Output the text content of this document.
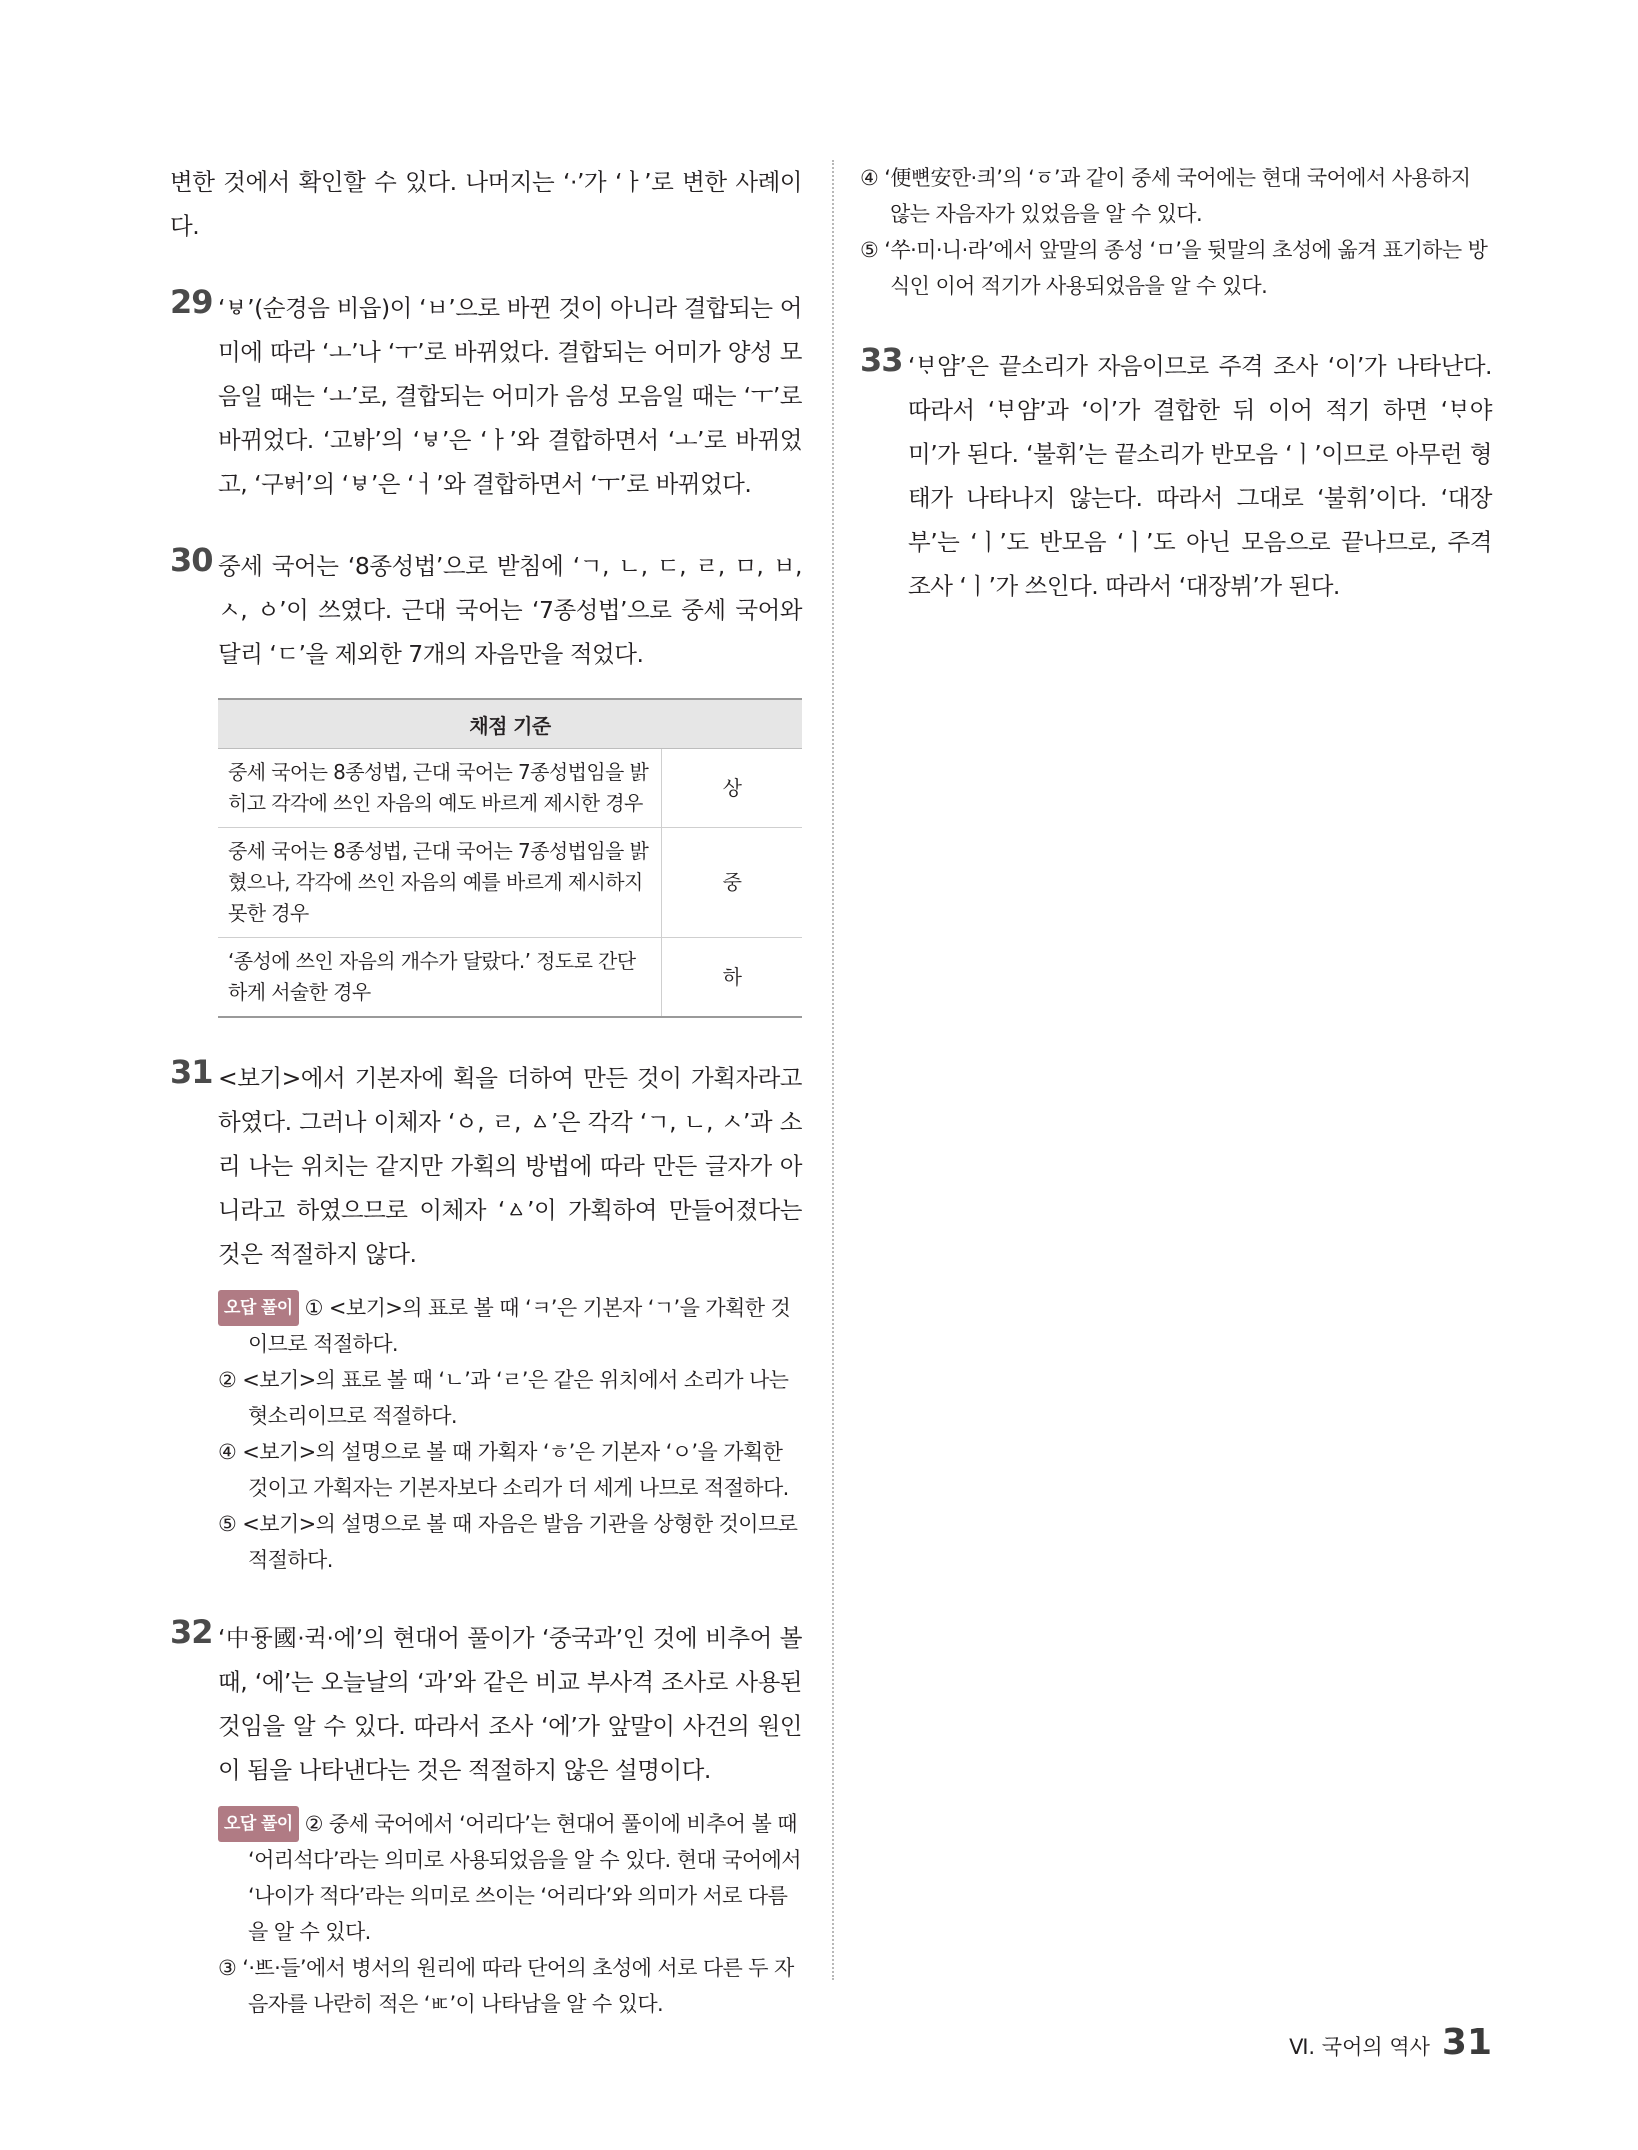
변한 것에서 확인할 수 있다. 나머지는 ‘·’가 ‘ㅏ’로 변한 사례이다.

29 ‘ㅸ’(순경음 비읍)이 ‘ㅂ’으로 바뀐 것이 아니라 결합되는 어미에 따라 ‘ㅗ’나 ‘ㅜ’로 바뀌었다. 결합되는 어미가 양성 모음일 때는 ‘ㅗ’로, 결합되는 어미가 음성 모음일 때는 ‘ㅜ’로 바뀌었다. ‘고ᄫᅡ’의 ‘ㅸ’은 ‘ㅏ’와 결합하면서 ‘ㅗ’로 바뀌었고, ‘구ᄫᅥ’의 ‘ㅸ’은 ‘ㅓ’와 결합하면서 ‘ㅜ’로 바뀌었다.

30 중세 국어는 ‘8종성법’으로 받침에 ‘ㄱ, ㄴ, ㄷ, ㄹ, ㅁ, ㅂ, ㅅ, ㆁ’이 쓰였다. 근대 국어는 ‘7종성법’으로 중세 국어와 달리 ‘ㄷ’을 제외한 7개의 자음만을 적었다.

채점 기준	
중세 국어는 8종성법, 근대 국어는 7종성법임을 밝히고 각각에 쓰인 자음의 예도 바르게 제시한 경우	상
중세 국어는 8종성법, 근대 국어는 7종성법임을 밝혔으나, 각각에 쓰인 자음의 예를 바르게 제시하지 못한 경우	중
‘종성에 쓰인 자음의 개수가 달랐다.’ 정도로 간단하게 서술한 경우	하
31 <보기>에서 기본자에 획을 더하여 만든 것이 가획자라고 하였다. 그러나 이체자 ‘ㆁ, ㄹ, ㅿ’은 각각 ‘ㄱ, ㄴ, ㅅ’과 소리 나는 위치는 같지만 가획의 방법에 따라 만든 글자가 아니라고 하였으므로 이체자 ‘ㅿ’이 가획하여 만들어졌다는 것은 적절하지 않다.

오답 풀이 ① <보기>의 표로 볼 때 ‘ㅋ’은 기본자 ‘ㄱ’을 가획한 것이므로 적절하다.

② <보기>의 표로 볼 때 ‘ㄴ’과 ‘ㄹ’은 같은 위치에서 소리가 나는 혓소리이므로 적절하다.

④ <보기>의 설명으로 볼 때 가획자 ‘ㅎ’은 기본자 ‘ㅇ’을 가획한 것이고 가획자는 기본자보다 소리가 더 세게 나므로 적절하다.

⑤ <보기>의 설명으로 볼 때 자음은 발음 기관을 상형한 것이므로 적절하다.

32 ‘中ᅙᅲᇰ國·귁·에’의 현대어 풀이가 ‘중국과’인 것에 비추어 볼 때, ‘에’는 오늘날의 ‘과’와 같은 비교 부사격 조사로 사용된 것임을 알 수 있다. 따라서 조사 ‘에’가 앞말이 사건의 원인이 됨을 나타낸다는 것은 적절하지 않은 설명이다.

오답 풀이 ② 중세 국어에서 ‘어리다’는 현대어 풀이에 비추어 볼 때 ‘어리석다’라는 의미로 사용되었음을 알 수 있다. 현대 국어에서 ‘나이가 적다’라는 의미로 쓰이는 ‘어리다’와 의미가 서로 다름을 알 수 있다.

③ ‘·ᄠᅳ·들’에서 병서의 원리에 따라 단어의 초성에 서로 다른 두 자음자를 나란히 적은 ‘ㅳ’이 나타남을 알 수 있다.

④ ‘便뼌安ᅙᅡᆫ·킈’의 ‘ㆆ’과 같이 중세 국어에는 현대 국어에서 사용하지 않는 자음자가 있었음을 알 수 있다.

⑤ ‘쑤·미·니·라’에서 앞말의 종성 ‘ㅁ’을 뒷말의 초성에 옮겨 표기하는 방식인 이어 적기가 사용되었음을 알 수 있다.

33 ‘ᄇᆞ얌’은 끝소리가 자음이므로 주격 조사 ‘이’가 나타난다. 따라서 ‘ᄇᆞ얌’과 ‘이’가 결합한 뒤 이어 적기 하면 ‘ᄇᆞ야미’가 된다. ‘불휘’는 끝소리가 반모음 ‘ㅣ’이므로 아무런 형태가 나타나지 않는다. 따라서 그대로 ‘불휘’이다. ‘대장부’는 ‘ㅣ’도 반모음 ‘ㅣ’도 아닌 모음으로 끝나므로, 주격 조사 ‘ㅣ’가 쓰인다. 따라서 ‘대장뷔’가 된다.

Ⅵ. 국어의 역사 31
